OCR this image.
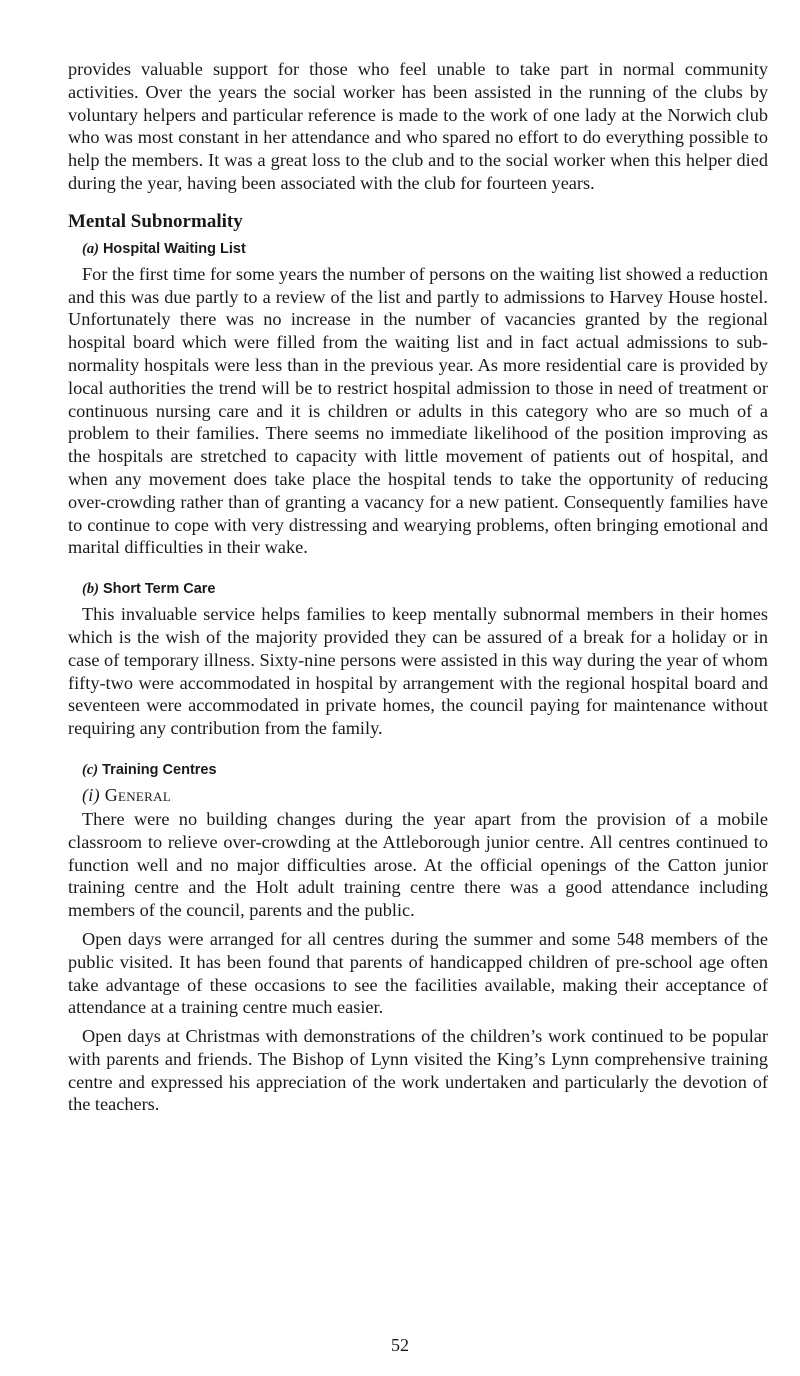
provides valuable support for those who feel unable to take part in normal community activities. Over the years the social worker has been assisted in the running of the clubs by voluntary helpers and particular reference is made to the work of one lady at the Norwich club who was most constant in her attendance and who spared no effort to do everything possible to help the members. It was a great loss to the club and to the social worker when this helper died during the year, having been associated with the club for fourteen years.

Mental Subnormality
(a) Hospital Waiting List

For the first time for some years the number of persons on the waiting list showed a reduction and this was due partly to a review of the list and partly to admissions to Harvey House hostel. Unfortunately there was no increase in the number of vacancies granted by the regional hospital board which were filled from the waiting list and in fact actual admissions to sub-normality hospitals were less than in the previous year. As more residential care is provided by local authorities the trend will be to restrict hospital admission to those in need of treatment or continuous nursing care and it is children or adults in this category who are so much of a problem to their families. There seems no immediate likelihood of the position improving as the hospitals are stretched to capacity with little movement of patients out of hospital, and when any movement does take place the hospital tends to take the opportunity of reducing over-crowding rather than of granting a vacancy for a new patient. Consequently families have to continue to cope with very distressing and wearying problems, often bringing emotional and marital difficulties in their wake.

(b) Short Term Care

This invaluable service helps families to keep mentally subnormal members in their homes which is the wish of the majority provided they can be assured of a break for a holiday or in case of temporary illness. Sixty-nine persons were assisted in this way during the year of whom fifty-two were accommodated in hospital by arrangement with the regional hospital board and seventeen were accommodated in private homes, the council paying for maintenance without requiring any contribution from the family.

(c) Training Centres
(i) General

There were no building changes during the year apart from the provision of a mobile classroom to relieve over-crowding at the Attleborough junior centre. All centres continued to function well and no major difficulties arose. At the official openings of the Catton junior training centre and the Holt adult training centre there was a good attendance including members of the council, parents and the public.

Open days were arranged for all centres during the summer and some 548 members of the public visited. It has been found that parents of handicapped children of pre-school age often take advantage of these occasions to see the facilities available, making their acceptance of attendance at a training centre much easier.

Open days at Christmas with demonstrations of the children’s work continued to be popular with parents and friends. The Bishop of Lynn visited the King’s Lynn comprehensive training centre and expressed his appreciation of the work undertaken and particularly the devotion of the teachers.

52
